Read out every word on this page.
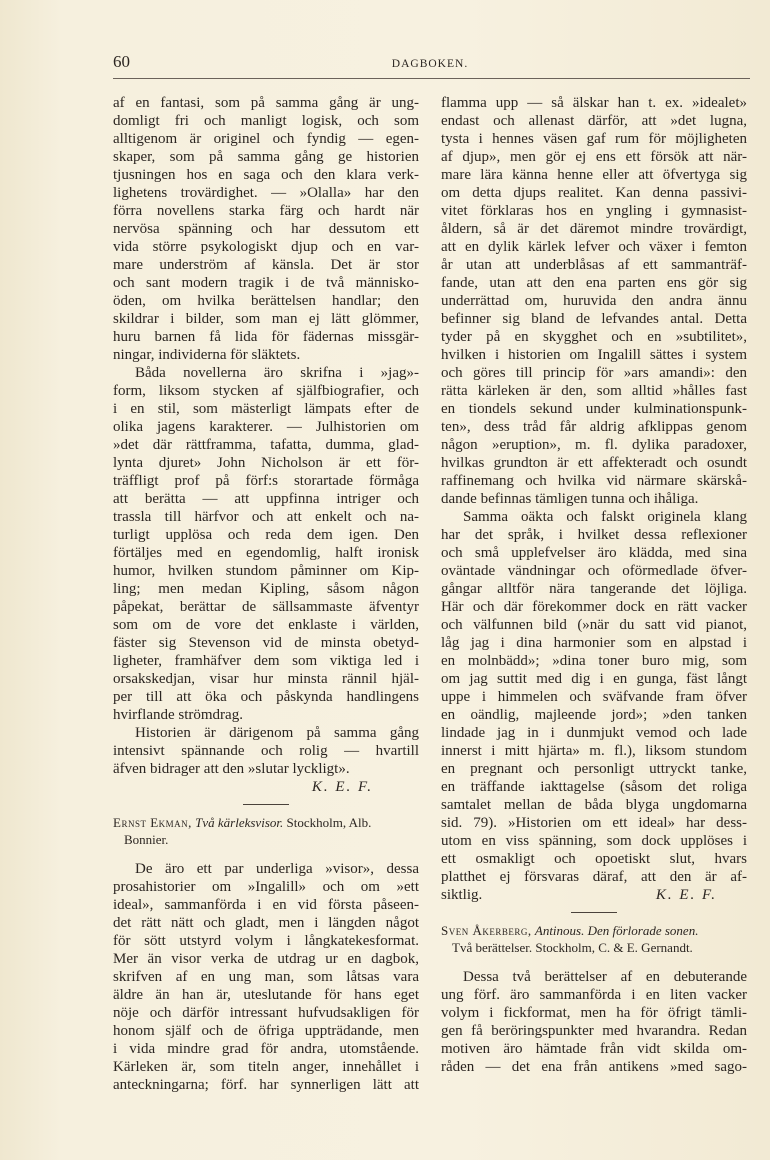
60	DAGBOKEN.
af en fantasi, som på samma gång är ung-
domligt fri och manligt logisk, och som
alltigenom är originel och fyndig — egen-
skaper, som på samma gång ge historien
tjusningen hos en saga och den klara verk-
lighetens trovärdighet. — »Olalla» har den
förra novellens starka färg och hardt när
nervösa spänning och har dessutom ett
vida större psykologiskt djup och en var-
mare underström af känsla. Det är stor
och sant modern tragik i de två människo-
öden, om hvilka berättelsen handlar; den
skildrar i bilder, som man ej lätt glömmer,
huru barnen få lida för fädernas missgär-
ningar, individerna för släktets.
Båda novellerna äro skrifna i »jag»-
form, liksom stycken af själfbiografier, och
i en stil, som mästerligt lämpats efter de
olika jagens karakterer. — Julhistorien om
»det där rättframma, tafatta, dumma, glad-
lynta djuret» John Nicholson är ett för-
träffligt prof på förf:s storartade förmåga
att berätta — att uppfinna intriger och
trassla till härfvor och att enkelt och na-
turligt upplösa och reda dem igen. Den
förtäljes med en egendomlig, halft ironisk
humor, hvilken stundom påminner om Kip-
ling; men medan Kipling, såsom någon
påpekat, berättar de sällsammaste äfventyr
som om de vore det enklaste i världen,
fäster sig Stevenson vid de minsta obetyd-
ligheter, framhäfver dem som viktiga led i
orsakskedjan, visar hur minsta rännil hjäl-
per till att öka och påskynda handlingens
hvirflande strömdrag.
Historien är därigenom på samma gång
intensivt spännande och rolig — hvartill
äfven bidrager att den »slutar lyckligt».
K. E. F.
Ernst Ekman, Två kärleksvisor. Stockholm, Alb.
Bonnier.
De äro ett par underliga »visor», dessa
prosahistorier om »Ingalill» och om »ett
ideal», sammanförda i en vid första påseen-
det rätt nätt och gladt, men i längden något
för sött utstyrd volym i långkatekesformat.
Mer än visor verka de utdrag ur en dagbok,
skrifven af en ung man, som låtsas vara
äldre än han är, uteslutande för hans eget
nöje och därför intressant hufvudsakligen för
honom själf och de öfriga uppträdande, men
i vida mindre grad för andra, utomstående.
Kärleken är, som titeln anger, innehållet i
anteckningarna; förf. har synnerligen lätt att
flamma upp — så älskar han t. ex. »idealet»
endast och allenast därför, att »det lugna,
tysta i hennes väsen gaf rum för möjligheten
af djup», men gör ej ens ett försök att när-
mare lära känna henne eller att öfvertyga sig
om detta djups realitet. Kan denna passivi-
vitet förklaras hos en yngling i gymnasist-
åldern, så är det däremot mindre trovärdigt,
att en dylik kärlek lefver och växer i femton
år utan att underblåsas af ett sammanträf-
fande, utan att den ena parten ens gör sig
underrättad om, huruvida den andra ännu
befinner sig bland de lefvandes antal. Detta
tyder på en skygghet och en »subtilitet»,
hvilken i historien om Ingalill sättes i system
och göres till princip för »ars amandi»: den
rätta kärleken är den, som alltid »hålles fast
en tiondels sekund under kulminationspunk-
ten», dess tråd får aldrig afklippas genom
någon »eruption», m. fl. dylika paradoxer,
hvilkas grundton är ett affekteradt och osundt
raffinemang och hvilka vid närmare skärskå-
dande befinnas tämligen tunna och ihåliga.
Samma oäkta och falskt originela klang
har det språk, i hvilket dessa reflexioner
och små upplefvelser äro klädda, med sina
oväntade vändningar och oförmedlade öfver-
gångar alltför nära tangerande det löjliga.
Här och där förekommer dock en rätt vacker
och välfunnen bild (»när du satt vid pianot,
låg jag i dina harmonier som en alpstad i
en molnbädd»; »dina toner buro mig, som
om jag suttit med dig i en gunga, fäst långt
uppe i himmelen och sväfvande fram öfver
en oändlig, majleende jord»; »den tanken
lindade jag in i dunmjukt vemod och lade
innerst i mitt hjärta» m. fl.), liksom stundom
en pregnant och personligt uttryckt tanke,
en träffande iakttagelse (såsom det roliga
samtalet mellan de båda blyga ungdomarna
sid. 79). »Historien om ett ideal» har dess-
utom en viss spänning, som dock upplöses i
ett osmakligt och opoetiskt slut, hvars
platthet ej försvaras däraf, att den är af-
siktlig.	K. E. F.
Sven Åkerberg, Antinous. Den förlorade sonen.
Två berättelser. Stockholm, C. & E. Gernandt.
Dessa två berättelser af en debuterande
ung förf. äro sammanförda i en liten vacker
volym i fickformat, men ha för öfrigt tämli-
gen få beröringspunkter med hvarandra. Redan
motiven äro hämtade från vidt skilda om-
råden — det ena från antikens »med sago-
